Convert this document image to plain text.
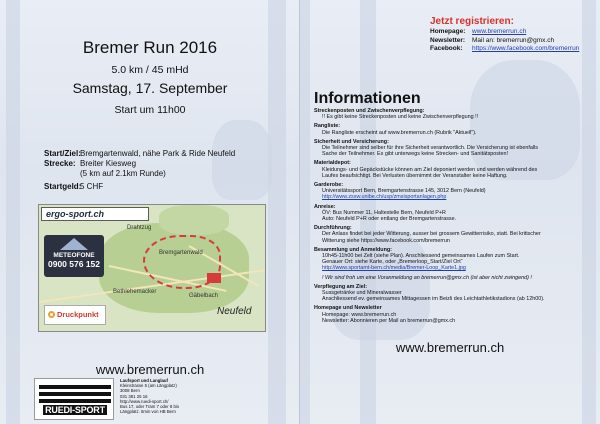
Bremer Run 2016
5.0 km / 45 mHd
Samstag, 17. September
Start um 11h00
Start/Ziel: Bremgartenwald, nähe Park & Ride Neufeld
Strecke: Breiter Kiesweg
(5 km auf 2.1km Runde)
Startgeld:
5 CHF
Drahtzug
Bremgartenwald
Bethlehemacker
Gäbelbach
Neufeld
ergo-sport.ch
METEOFONE
0900 576 152
Druckpunkt
www.bremerrun.ch
RUEDI-SPORT
Laufsport und Langlauf
Kleinstrasse 5 (am Längplatz)
3008 Bern
031 381 25 16
http://www.ruedi-sport.ch/
Bus 17, oder Tram 7 oder 8 bis
Längplatz. 5min von HB Bern
Jetzt registrieren:
Homepage:	www.bremerrun.ch
Newsletter:	Mail an: bremerrun@gmx.ch
Facebook:	https://www.facebook.com/bremerrun
Informationen
Streckenposten und Zwischenverpflegung:
!! Es gibt keine Streckenposten und keine Zwischenverpflegung !!
Rangliste:
Die Rangliste erscheint auf www.bremerrun.ch (Rubrik "Aktuell").
Sicherheit und Versicherung:
Die Teilnehmer sind selber für ihre Sicherheit verantwortlich. Die Versicherung ist ebenfalls
Sache der Teilnehmer. Es gibt unterwegs keine Strecken- und Sanitätsposten!
Materialdepot:
Kleidungs- und Gepäckstücke können am Ziel deponiert werden und werden während des
Laufes beaufsichtigt. Bei Verlusten übernimmt der Veranstalter keine Haftung.
Garderobe:
Universitätssport Bern, Bremgartenstrasse 145, 3012 Bern (Neufeld)
http://www.zssw.unibe.ch/usp/zmsisportanlagen.php
Anreise:
ÖV: Bus Nummer 11, Haltestelle Bern, Neufeld P+R
Auto: Neufeld P+R oder entlang der Bremgartenstrasse.
Durchführung:
Der Anlass findet bei jeder Witterung, ausser bei grossem Gewitterrisiko, statt. Bei kritischer
Witterung siehe https://www.facebook.com/bremerrun
Besammlung und Anmeldung:
10h45-11h00 bei Zelt (siehe Plan). Anschliessend gemeinsames Laufen zum Start.
Genauer Ort: siehe Karte, oder „Bremerloop_Start/Ziel Ort“
http://www.sportamt-bern.ch/media/Bremer-Loop_Karte1.jpg
! Wir sind froh um eine Voranmeldung an bremerrun@gmx.ch (ist aber nicht zwingend) !
Verpflegung am Ziel:
Sussgetränke und Mineralwasser
Anschliessend ev. gemeinsames Mittagessen im Beizli des Leichtathletikstadions (ab 12h00).
Homepage und Newsletter
Homepage: www.bremerrun.ch
Newsletter: Abonnieren per Mail an bremerrun@gmx.ch
www.bremerrun.ch
